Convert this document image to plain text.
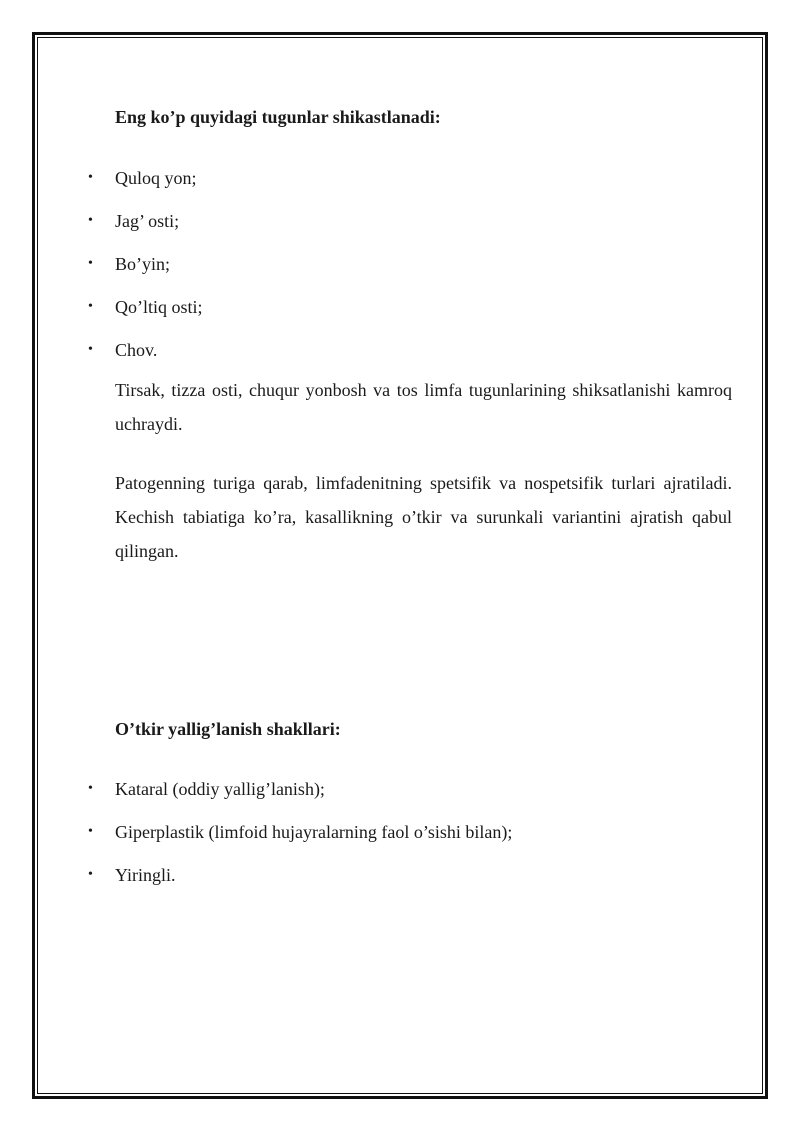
Eng ko’p quyidagi tugunlar shikastlanadi:
• Quloq yon;
• Jag’ osti;
• Bo’yin;
• Qo’ltiq osti;
• Chov.

Tirsak, tizza osti, chuqur yonbosh va tos limfa tugunlarining shiksatlanishi kamroq uchraydi.

Patogenning turiga qarab, limfadenitning spetsifik va nospetsifik turlari ajratiladi. Kechish tabiatiga ko’ra, kasallikning o’tkir va surunkali variantini ajratish qabul qilingan.

O’tkir yallig’lanish shakllari:
• Kataral (oddiy yallig’lanish);
• Giperplastik (limfoid hujayralarning faol o’sishi bilan);
• Yiringli.
